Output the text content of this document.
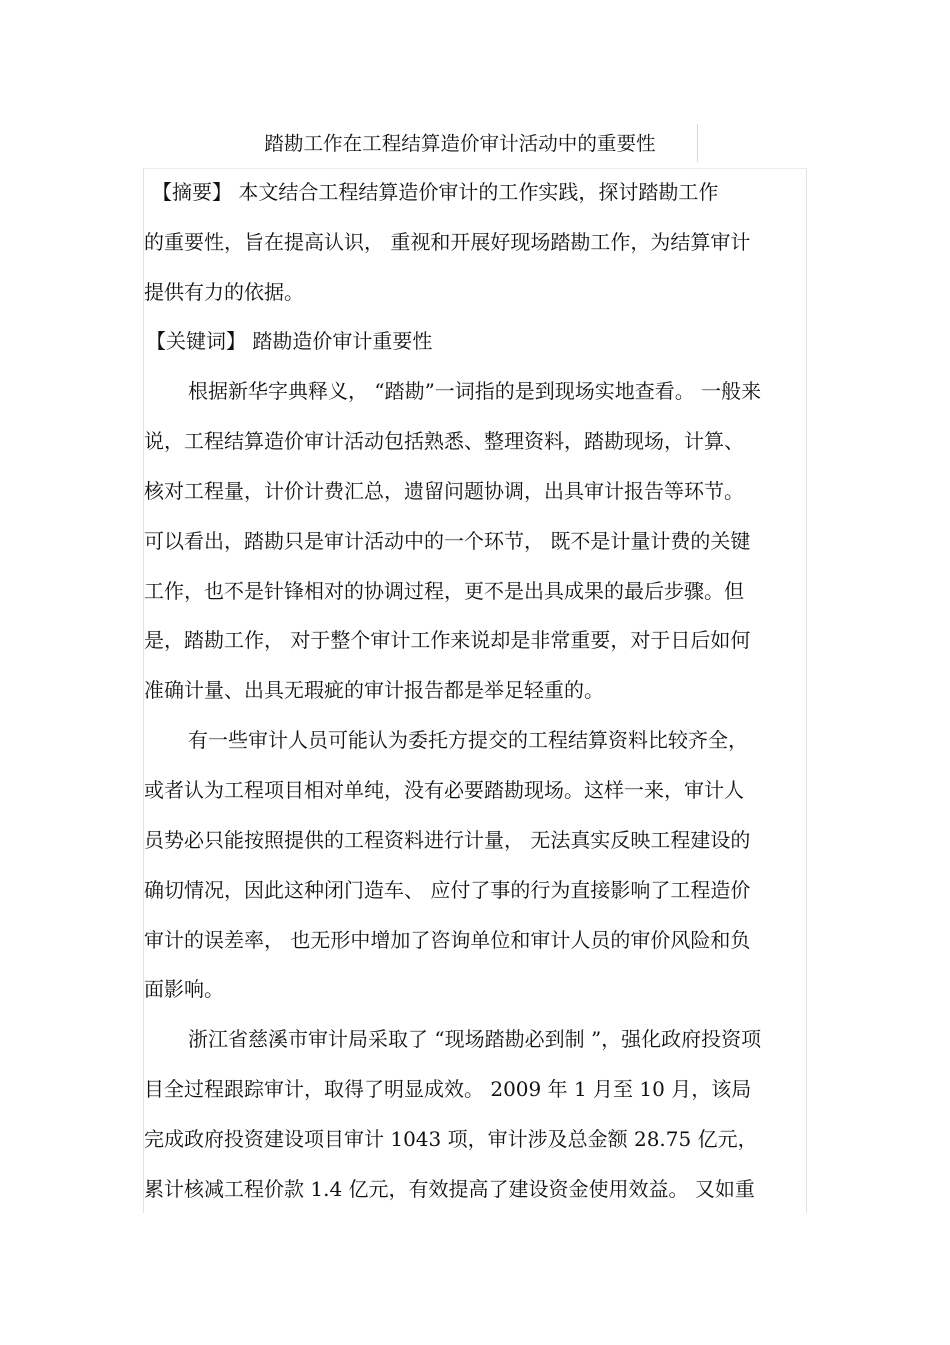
踏勘工作在工程结算造价审计活动中的重要性
【摘要】 本文结合工程结算造价审计的工作实践，探讨踏勘工作
的重要性，旨在提高认识， 重视和开展好现场踏勘工作，为结算审计
提供有力的依据。
【关键词】 踏勘造价审计重要性
根据新华字典释义， “踏勘”一词指的是到现场实地查看。 一般来
说，工程结算造价审计活动包括熟悉、整理资料，踏勘现场，计算、
核对工程量，计价计费汇总，遗留问题协调，出具审计报告等环节。
可以看出，踏勘只是审计活动中的一个环节， 既不是计量计费的关键
工作，也不是针锋相对的协调过程，更不是出具成果的最后步骤。但
是，踏勘工作， 对于整个审计工作来说却是非常重要，对于日后如何
准确计量、出具无瑕疵的审计报告都是举足轻重的。
有一些审计人员可能认为委托方提交的工程结算资料比较齐全，
或者认为工程项目相对单纯，没有必要踏勘现场。这样一来，审计人
员势必只能按照提供的工程资料进行计量， 无法真实反映工程建设的
确切情况，因此这种闭门造车、 应付了事的行为直接影响了工程造价
审计的误差率， 也无形中增加了咨询单位和审计人员的审价风险和负
面影响。
浙江省慈溪市审计局采取了 “现场踏勘必到制 ”，强化政府投资项
目全过程跟踪审计，取得了明显成效。 2009 年 1 月至 10 月，该局
完成政府投资建设项目审计 1043 项，审计涉及总金额 28.75 亿元，
累计核减工程价款 1.4 亿元，有效提高了建设资金使用效益。 又如重
